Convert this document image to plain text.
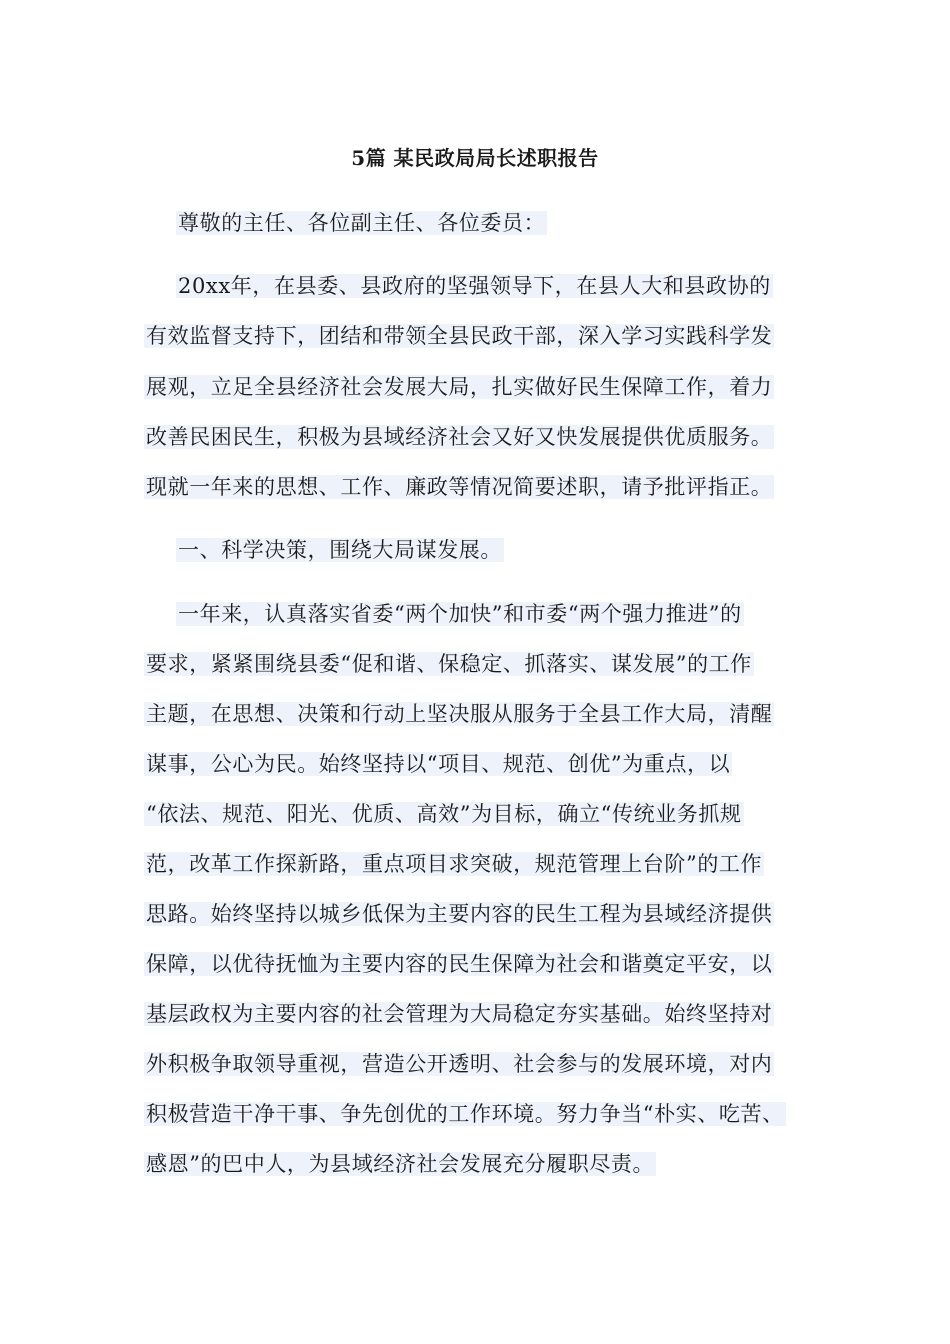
5篇 某民政局局长述职报告
尊敬的主任、各位副主任、各位委员：
20xx年，在县委、县政府的坚强领导下，在县人大和县政协的
有效监督支持下，团结和带领全县民政干部，深入学习实践科学发
展观，立足全县经济社会发展大局，扎实做好民生保障工作，着力
改善民困民生，积极为县域经济社会又好又快发展提供优质服务。
现就一年来的思想、工作、廉政等情况简要述职，请予批评指正。
一、科学决策，围绕大局谋发展。
一年来，认真落实省委“两个加快”和市委“两个强力推进”的
要求，紧紧围绕县委“促和谐、保稳定、抓落实、谋发展”的工作
主题，在思想、决策和行动上坚决服从服务于全县工作大局，清醒
谋事，公心为民。始终坚持以“项目、规范、创优”为重点，以
“依法、规范、阳光、优质、高效”为目标，确立“传统业务抓规
范，改革工作探新路，重点项目求突破，规范管理上台阶”的工作
思路。始终坚持以城乡低保为主要内容的民生工程为县域经济提供
保障，以优待抚恤为主要内容的民生保障为社会和谐奠定平安，以
基层政权为主要内容的社会管理为大局稳定夯实基础。始终坚持对
外积极争取领导重视，营造公开透明、社会参与的发展环境，对内
积极营造干净干事、争先创优的工作环境。努力争当“朴实、吃苦、
感恩”的巴中人，为县域经济社会发展充分履职尽责。
